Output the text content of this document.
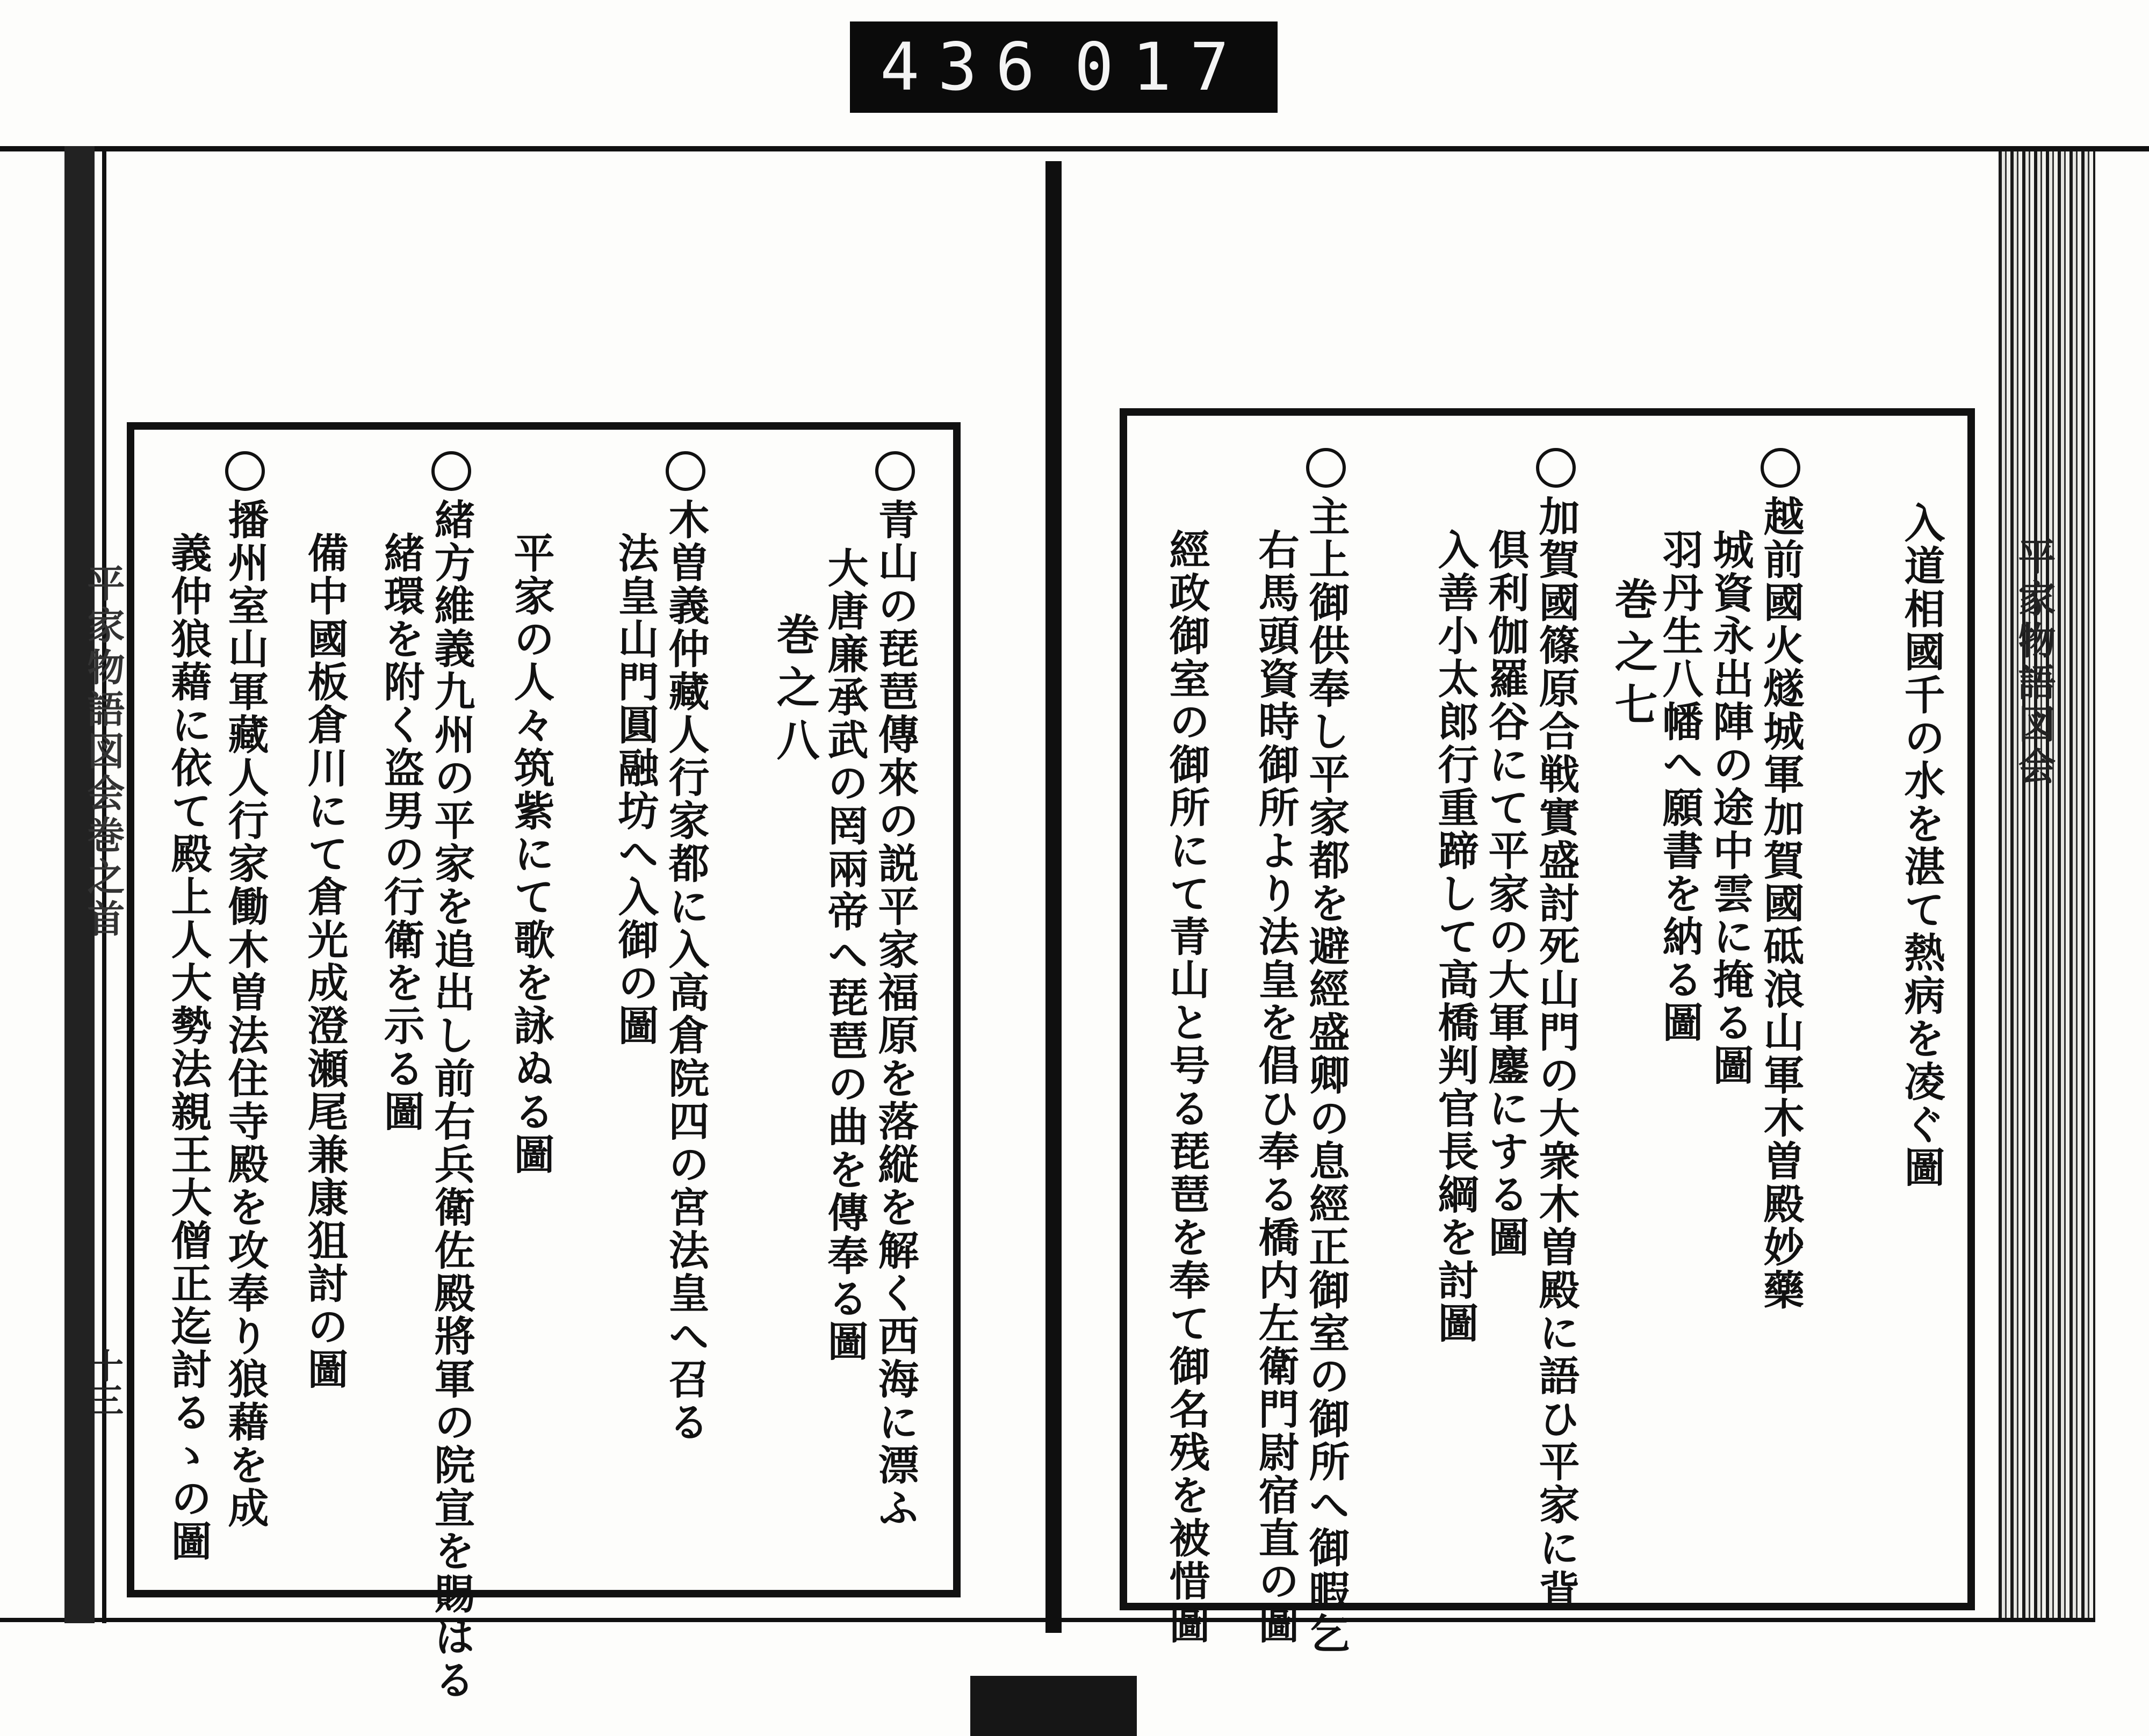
436 017
平家物語図会巻之首
十三
平家物語図会
青山の琵琶傳來の説平家福原を落縦を解く西海に漂ふ
大唐廉承武の罔兩帝へ琵琶の曲を傳奉る圖
巻之八
木曽義仲藏人行家都に入高倉院四の宮法皇へ召る
法皇山門圓融坊へ入御の圖
平家の人々筑紫にて歌を詠ぬる圖
緒方維義九州の平家を追出し前右兵衛佐殿將軍の院宣を賜はる
緒環を附く盗男の行衛を示る圖
備中國板倉川にて倉光成澄瀬尾兼康狙討の圖
播州室山軍藏人行家働木曽法住寺殿を攻奉り狼藉を成
義仲狼藉に依て殿上人大勢法親王大僧正迄討るゝの圖	入道相國千の水を湛て熱病を凌ぐ圖
越前國火燧城軍加賀國砥浪山軍木曽殿妙藥
城資永出陣の途中雲に掩る圖
羽丹生八幡へ願書を納る圖
巻之七
加賀國篠原合戦實盛討死山門の大衆木曽殿に語ひ平家に背
倶利伽羅谷にて平家の大軍鏖にする圖
入善小太郎行重蹄して高橋判官長綱を討圖
主上御供奉し平家都を避經盛卿の息經正御室の御所へ御暇乞
右馬頭資時御所より法皇を倡ひ奉る橋内左衛門尉宿直の圖
經政御室の御所にて青山と号る琵琶を奉て御名残を被惜圖
